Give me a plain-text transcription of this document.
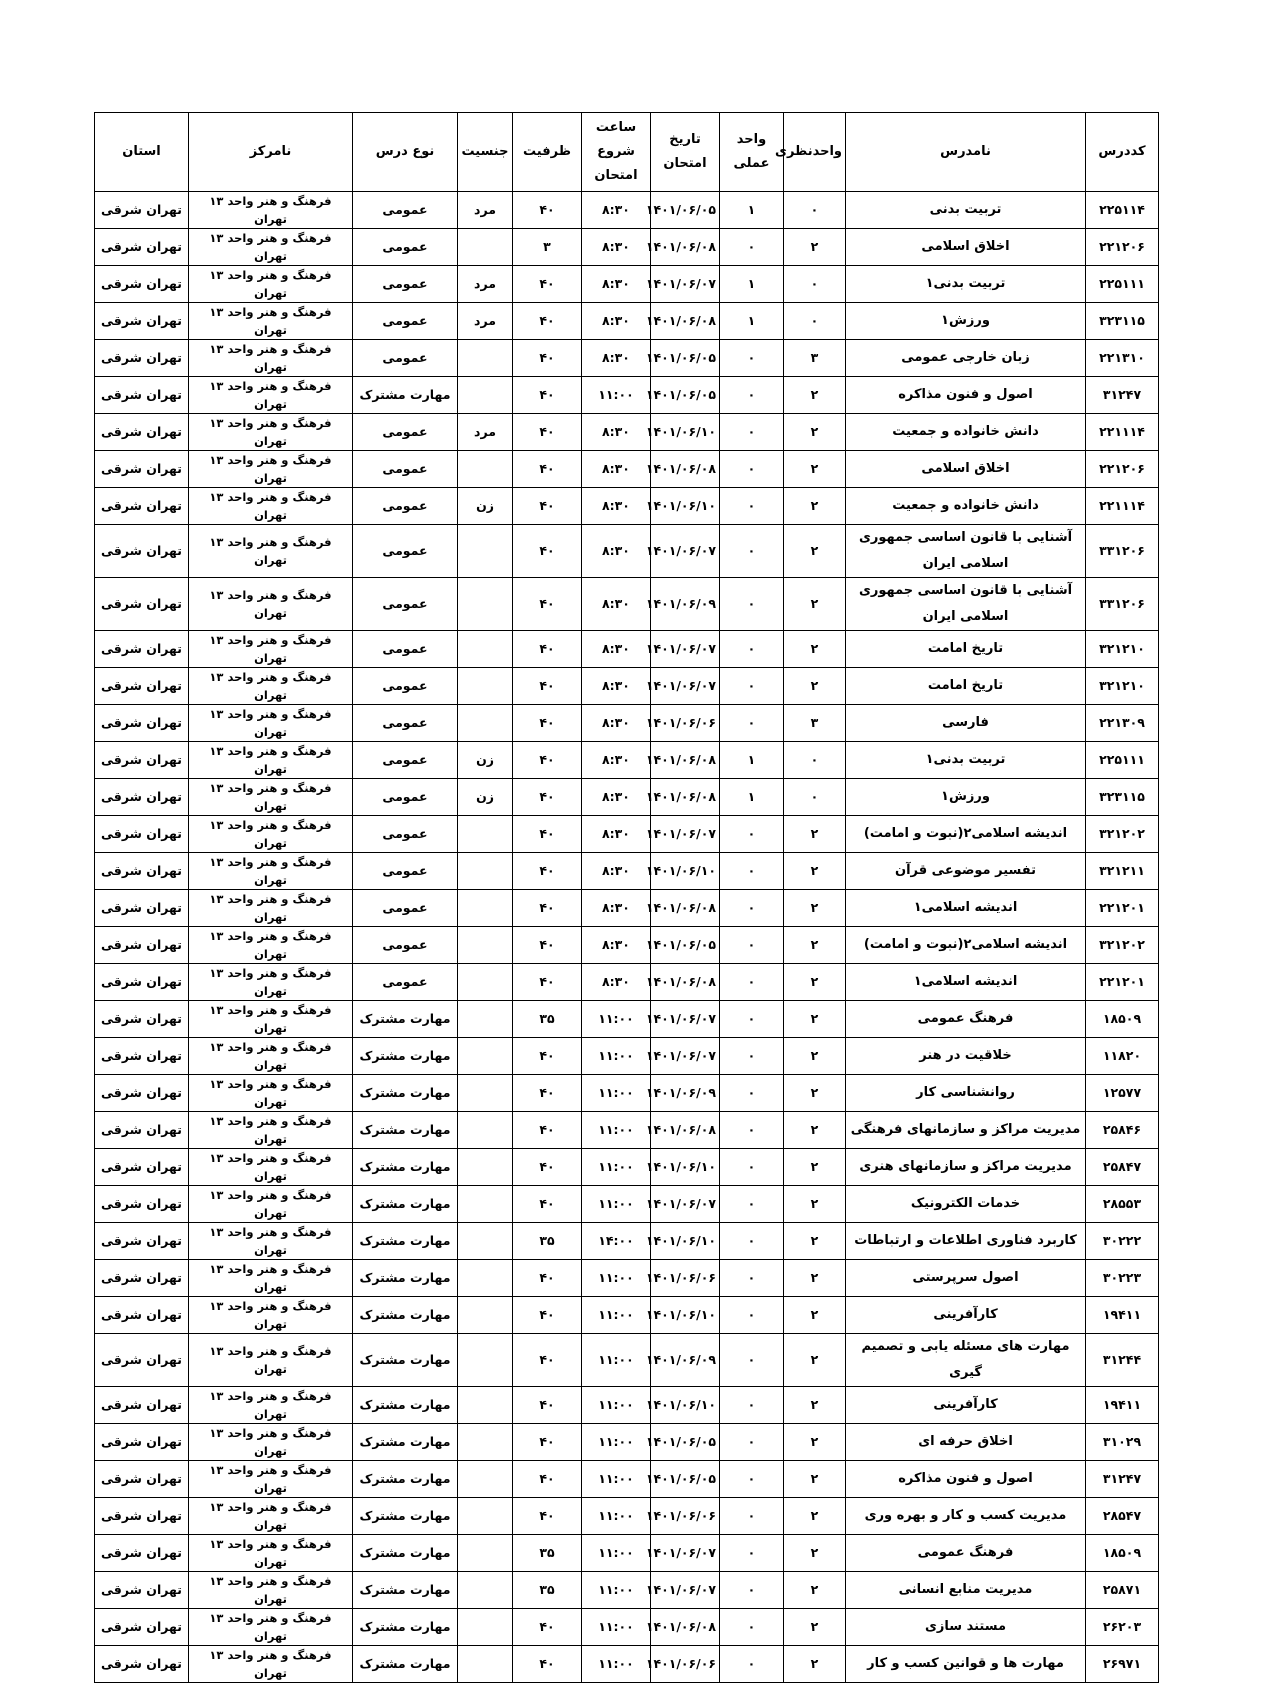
کددرس	نامدرس	واحدنظری	واحد عملی	تاریخ امتحان	ساعت شروع امتحان	ظرفیت	جنسیت	نوع درس	نامرکز	استان
۲۲۵۱۱۴	تربیت بدنی	۰	۱	۱۴۰۱/۰۶/۰۵	۸:۳۰	۴۰	مرد	عمومی	فرهنگ و هنر واحد ۱۳ تهران	تهران شرقی
۲۲۱۲۰۶	اخلاق اسلامی	۲	۰	۱۴۰۱/۰۶/۰۸	۸:۳۰	۳		عمومی	فرهنگ و هنر واحد ۱۳ تهران	تهران شرقی
۲۲۵۱۱۱	تربیت بدنی۱	۰	۱	۱۴۰۱/۰۶/۰۷	۸:۳۰	۴۰	مرد	عمومی	فرهنگ و هنر واحد ۱۳ تهران	تهران شرقی
۳۲۳۱۱۵	ورزش۱	۰	۱	۱۴۰۱/۰۶/۰۸	۸:۳۰	۴۰	مرد	عمومی	فرهنگ و هنر واحد ۱۳ تهران	تهران شرقی
۲۲۱۳۱۰	زبان خارجی عمومی	۳	۰	۱۴۰۱/۰۶/۰۵	۸:۳۰	۴۰		عمومی	فرهنگ و هنر واحد ۱۳ تهران	تهران شرقی
۳۱۲۴۷	اصول و فنون مذاکره	۲	۰	۱۴۰۱/۰۶/۰۵	۱۱:۰۰	۴۰		مهارت مشترک	فرهنگ و هنر واحد ۱۳ تهران	تهران شرقی
۲۲۱۱۱۴	دانش خانواده و جمعیت	۲	۰	۱۴۰۱/۰۶/۱۰	۸:۳۰	۴۰	مرد	عمومی	فرهنگ و هنر واحد ۱۳ تهران	تهران شرقی
۲۲۱۲۰۶	اخلاق اسلامی	۲	۰	۱۴۰۱/۰۶/۰۸	۸:۳۰	۴۰		عمومی	فرهنگ و هنر واحد ۱۳ تهران	تهران شرقی
۲۲۱۱۱۴	دانش خانواده و جمعیت	۲	۰	۱۴۰۱/۰۶/۱۰	۸:۳۰	۴۰	زن	عمومی	فرهنگ و هنر واحد ۱۳ تهران	تهران شرقی
۳۳۱۲۰۶	آشنایی با قانون اساسی جمهوری اسلامی ایران	۲	۰	۱۴۰۱/۰۶/۰۷	۸:۳۰	۴۰		عمومی	فرهنگ و هنر واحد ۱۳ تهران	تهران شرقی
۳۳۱۲۰۶	آشنایی با قانون اساسی جمهوری اسلامی ایران	۲	۰	۱۴۰۱/۰۶/۰۹	۸:۳۰	۴۰		عمومی	فرهنگ و هنر واحد ۱۳ تهران	تهران شرقی
۳۲۱۲۱۰	تاریخ امامت	۲	۰	۱۴۰۱/۰۶/۰۷	۸:۳۰	۴۰		عمومی	فرهنگ و هنر واحد ۱۳ تهران	تهران شرقی
۳۲۱۲۱۰	تاریخ امامت	۲	۰	۱۴۰۱/۰۶/۰۷	۸:۳۰	۴۰		عمومی	فرهنگ و هنر واحد ۱۳ تهران	تهران شرقی
۲۲۱۳۰۹	فارسی	۳	۰	۱۴۰۱/۰۶/۰۶	۸:۳۰	۴۰		عمومی	فرهنگ و هنر واحد ۱۳ تهران	تهران شرقی
۲۲۵۱۱۱	تربیت بدنی۱	۰	۱	۱۴۰۱/۰۶/۰۸	۸:۳۰	۴۰	زن	عمومی	فرهنگ و هنر واحد ۱۳ تهران	تهران شرقی
۳۲۳۱۱۵	ورزش۱	۰	۱	۱۴۰۱/۰۶/۰۸	۸:۳۰	۴۰	زن	عمومی	فرهنگ و هنر واحد ۱۳ تهران	تهران شرقی
۳۲۱۲۰۲	اندیشه اسلامی۲(نبوت و امامت)	۲	۰	۱۴۰۱/۰۶/۰۷	۸:۳۰	۴۰		عمومی	فرهنگ و هنر واحد ۱۳ تهران	تهران شرقی
۳۲۱۲۱۱	تفسیر موضوعی قرآن	۲	۰	۱۴۰۱/۰۶/۱۰	۸:۳۰	۴۰		عمومی	فرهنگ و هنر واحد ۱۳ تهران	تهران شرقی
۲۲۱۲۰۱	اندیشه اسلامی۱	۲	۰	۱۴۰۱/۰۶/۰۸	۸:۳۰	۴۰		عمومی	فرهنگ و هنر واحد ۱۳ تهران	تهران شرقی
۳۲۱۲۰۲	اندیشه اسلامی۲(نبوت و امامت)	۲	۰	۱۴۰۱/۰۶/۰۵	۸:۳۰	۴۰		عمومی	فرهنگ و هنر واحد ۱۳ تهران	تهران شرقی
۲۲۱۲۰۱	اندیشه اسلامی۱	۲	۰	۱۴۰۱/۰۶/۰۸	۸:۳۰	۴۰		عمومی	فرهنگ و هنر واحد ۱۳ تهران	تهران شرقی
۱۸۵۰۹	فرهنگ عمومی	۲	۰	۱۴۰۱/۰۶/۰۷	۱۱:۰۰	۳۵		مهارت مشترک	فرهنگ و هنر واحد ۱۳ تهران	تهران شرقی
۱۱۸۲۰	خلاقیت در هنر	۲	۰	۱۴۰۱/۰۶/۰۷	۱۱:۰۰	۴۰		مهارت مشترک	فرهنگ و هنر واحد ۱۳ تهران	تهران شرقی
۱۲۵۷۷	روانشناسی کار	۲	۰	۱۴۰۱/۰۶/۰۹	۱۱:۰۰	۴۰		مهارت مشترک	فرهنگ و هنر واحد ۱۳ تهران	تهران شرقی
۲۵۸۴۶	مدیریت مراکز و سازمانهای فرهنگی	۲	۰	۱۴۰۱/۰۶/۰۸	۱۱:۰۰	۴۰		مهارت مشترک	فرهنگ و هنر واحد ۱۳ تهران	تهران شرقی
۲۵۸۴۷	مدیریت مراکز و سازمانهای هنری	۲	۰	۱۴۰۱/۰۶/۱۰	۱۱:۰۰	۴۰		مهارت مشترک	فرهنگ و هنر واحد ۱۳ تهران	تهران شرقی
۲۸۵۵۳	خدمات الکترونیک	۲	۰	۱۴۰۱/۰۶/۰۷	۱۱:۰۰	۴۰		مهارت مشترک	فرهنگ و هنر واحد ۱۳ تهران	تهران شرقی
۳۰۲۲۲	کاربرد فناوری اطلاعات و ارتباطات	۲	۰	۱۴۰۱/۰۶/۱۰	۱۴:۰۰	۳۵		مهارت مشترک	فرهنگ و هنر واحد ۱۳ تهران	تهران شرقی
۳۰۲۲۳	اصول سرپرستی	۲	۰	۱۴۰۱/۰۶/۰۶	۱۱:۰۰	۴۰		مهارت مشترک	فرهنگ و هنر واحد ۱۳ تهران	تهران شرقی
۱۹۴۱۱	کارآفرینی	۲	۰	۱۴۰۱/۰۶/۱۰	۱۱:۰۰	۴۰		مهارت مشترک	فرهنگ و هنر واحد ۱۳ تهران	تهران شرقی
۳۱۲۴۴	مهارت های مسئله یابی و تصمیم گیری	۲	۰	۱۴۰۱/۰۶/۰۹	۱۱:۰۰	۴۰		مهارت مشترک	فرهنگ و هنر واحد ۱۳ تهران	تهران شرقی
۱۹۴۱۱	کارآفرینی	۲	۰	۱۴۰۱/۰۶/۱۰	۱۱:۰۰	۴۰		مهارت مشترک	فرهنگ و هنر واحد ۱۳ تهران	تهران شرقی
۳۱۰۲۹	اخلاق حرفه ای	۲	۰	۱۴۰۱/۰۶/۰۵	۱۱:۰۰	۴۰		مهارت مشترک	فرهنگ و هنر واحد ۱۳ تهران	تهران شرقی
۳۱۲۴۷	اصول و فنون مذاکره	۲	۰	۱۴۰۱/۰۶/۰۵	۱۱:۰۰	۴۰		مهارت مشترک	فرهنگ و هنر واحد ۱۳ تهران	تهران شرقی
۲۸۵۴۷	مدیریت کسب و کار و بهره وری	۲	۰	۱۴۰۱/۰۶/۰۶	۱۱:۰۰	۴۰		مهارت مشترک	فرهنگ و هنر واحد ۱۳ تهران	تهران شرقی
۱۸۵۰۹	فرهنگ عمومی	۲	۰	۱۴۰۱/۰۶/۰۷	۱۱:۰۰	۳۵		مهارت مشترک	فرهنگ و هنر واحد ۱۳ تهران	تهران شرقی
۲۵۸۷۱	مدیریت منابع انسانی	۲	۰	۱۴۰۱/۰۶/۰۷	۱۱:۰۰	۳۵		مهارت مشترک	فرهنگ و هنر واحد ۱۳ تهران	تهران شرقی
۲۶۲۰۳	مستند سازی	۲	۰	۱۴۰۱/۰۶/۰۸	۱۱:۰۰	۴۰		مهارت مشترک	فرهنگ و هنر واحد ۱۳ تهران	تهران شرقی
۲۶۹۷۱	مهارت ها و قوانین کسب و کار	۲	۰	۱۴۰۱/۰۶/۰۶	۱۱:۰۰	۴۰		مهارت مشترک	فرهنگ و هنر واحد ۱۳ تهران	تهران شرقی
